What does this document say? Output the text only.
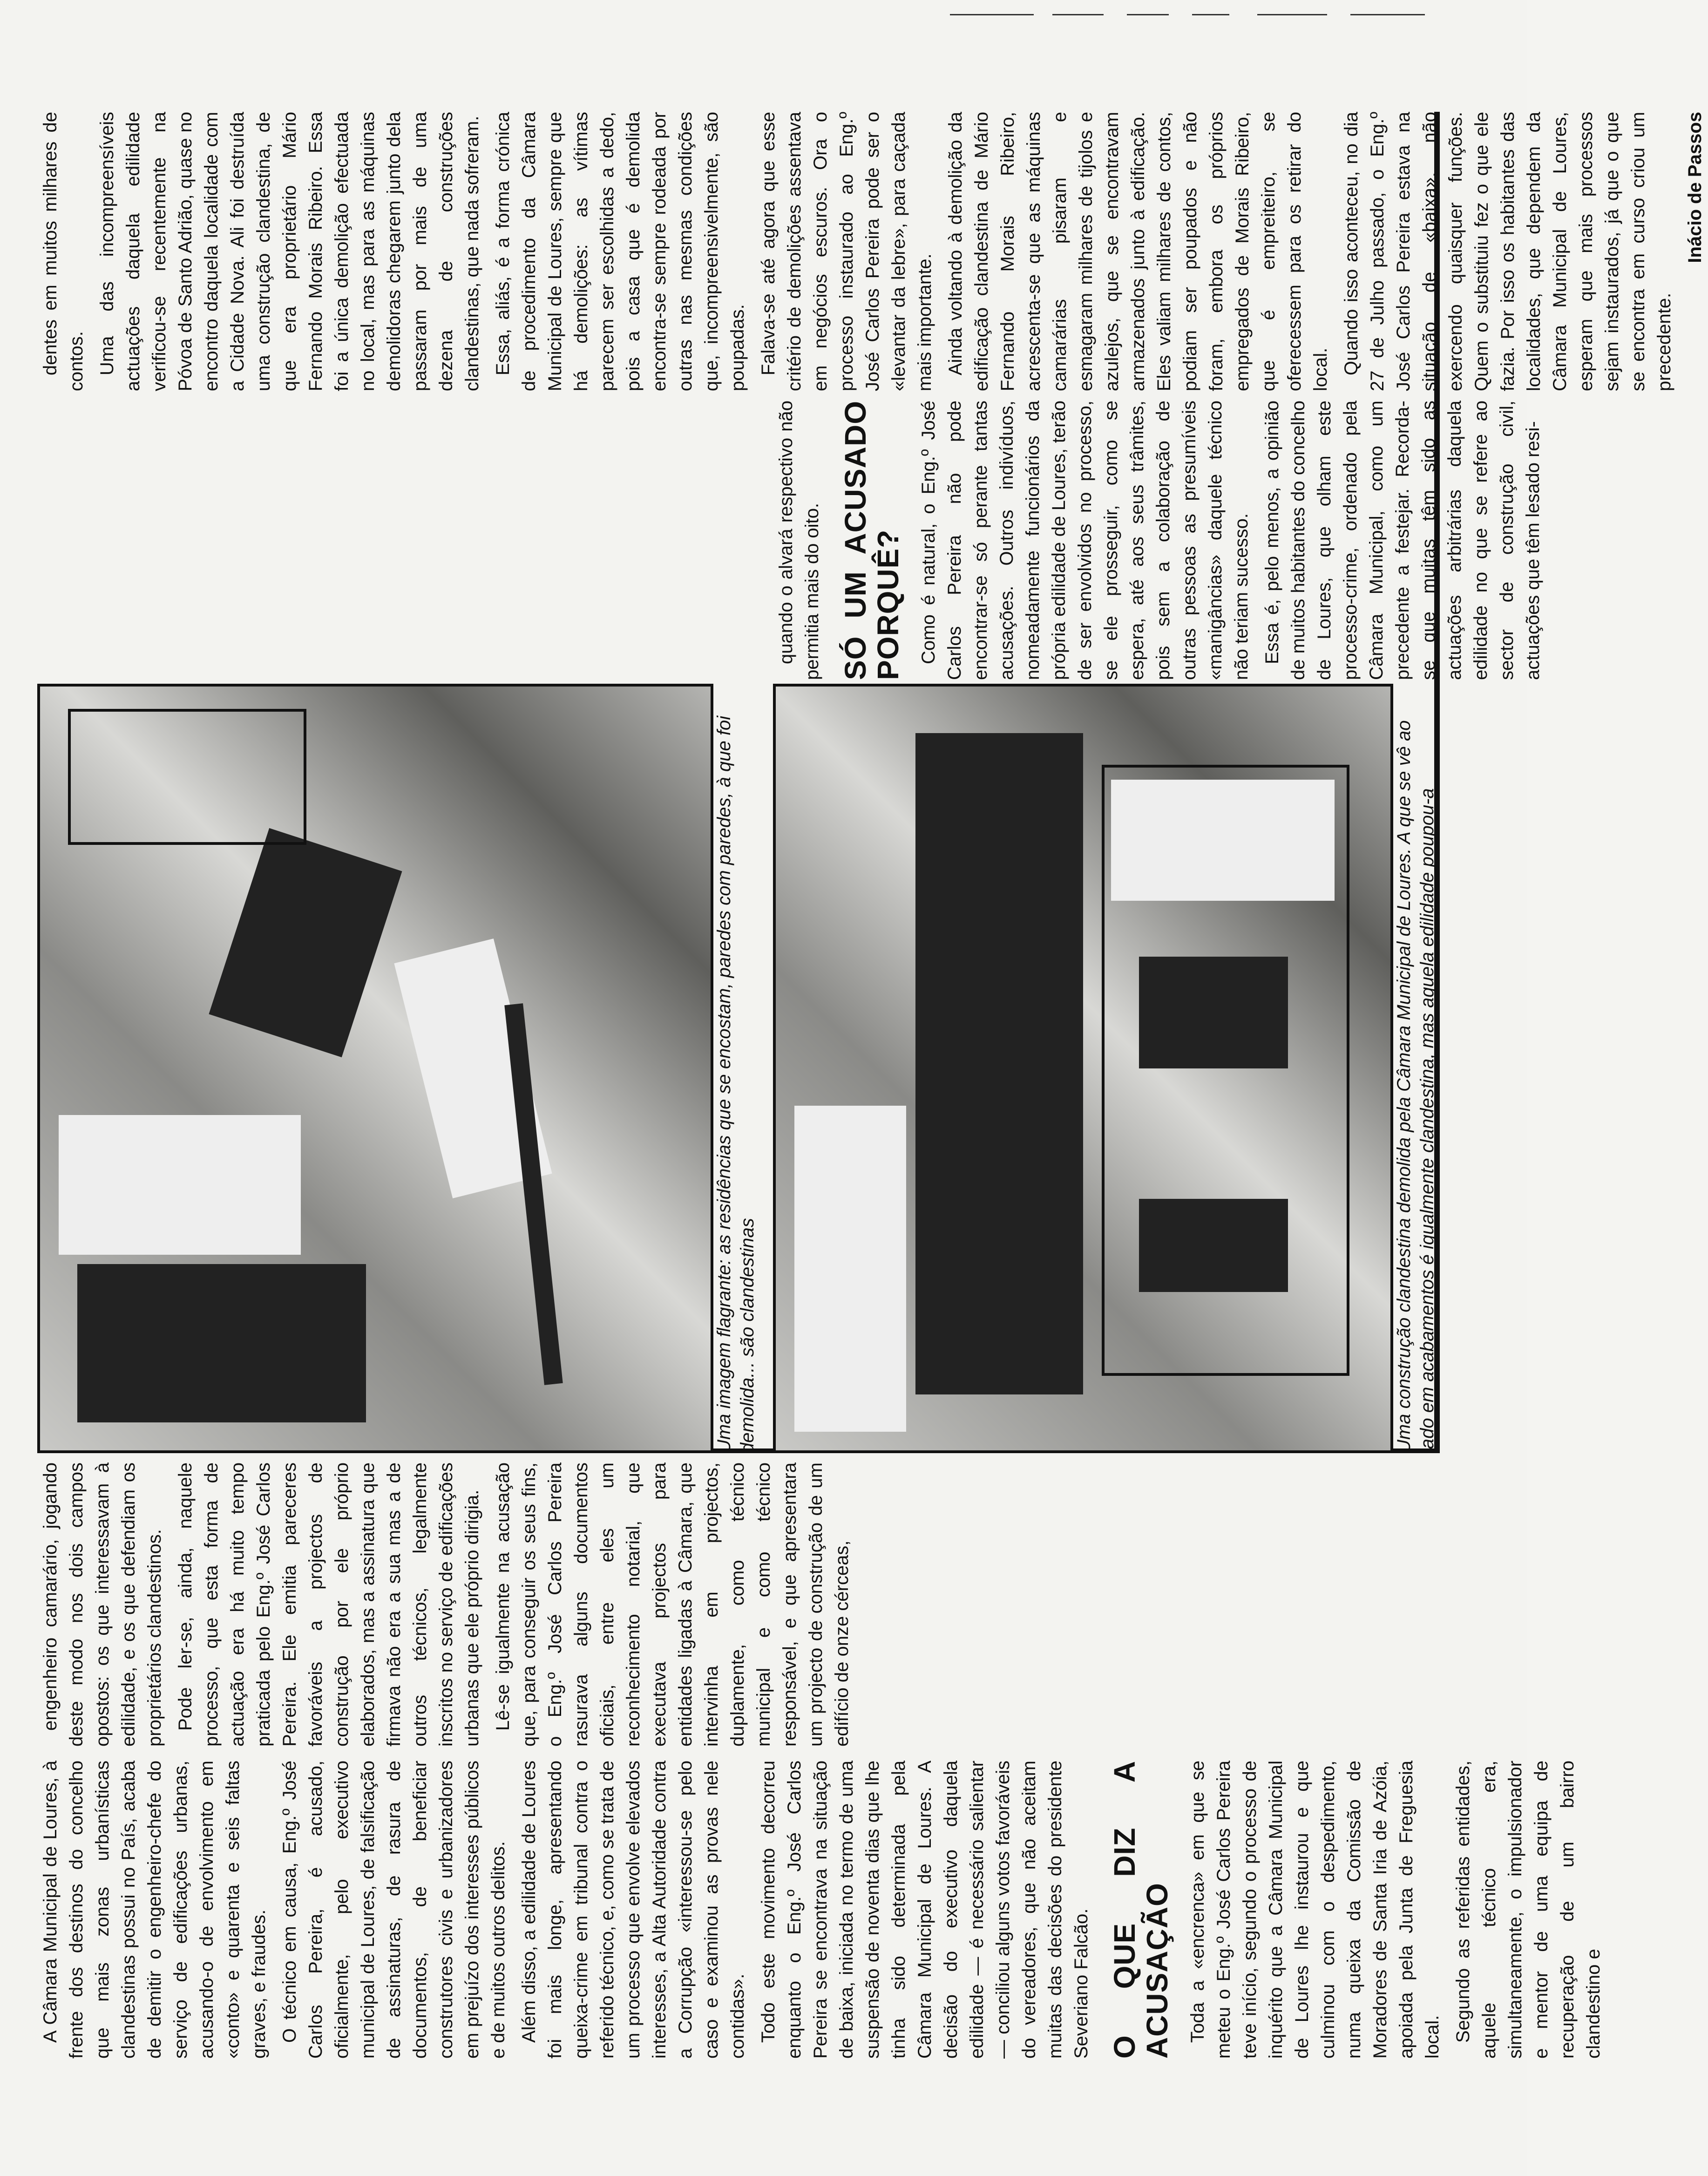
A Câmara Municipal de Loures, à frente dos destinos do concelho que mais zonas urbanísticas clandestinas possui no País, acaba de demitir o engenheiro-chefe do serviço de edificações urbanas, acusando-o de envolvimento em «conto» e quarenta e seis faltas graves, e fraudes. O técnico em causa, Eng.º José Carlos Pereira, é acusado, oficialmente, pelo executivo municipal de Loures, de falsificação de assinaturas, de rasura de documentos, de beneficiar construtores civis e urbanizadores em prejuízo dos interesses públicos e de muitos outros delitos. Além disso, a edilidade de Loures foi mais longe, apresentando queixa-crime em tribunal contra o referido técnico, e, como se trata de um processo que envolve elevados interesses, a Alta Autoridade contra a Corrupção «interessou-se pelo caso e examinou as provas nele contidas». Todo este movimento decorreu enquanto o Eng.º José Carlos Pereira se encontrava na situação de baixa, iniciada no termo de uma suspensão de noventa dias que lhe tinha sido determinada pela Câmara Municipal de Loures. A decisão do executivo daquela edilidade — é necessário salientar — conciliou alguns votos favoráveis do vereadores, que não aceitam muitas das decisões do presidente Severiano Falcão. O QUE DIZ A ACUSAÇÃO Toda a «encrenca» em que se meteu o Eng.º José Carlos Pereira teve início, segundo o processo de inquérito que a Câmara Municipal de Loures lhe instaurou e que culminou com o despedimento, numa queixa da Comissão de Moradores de Santa Iria de Azóia, apoiada pela Junta de Freguesia local. Segundo as referidas entidades, aquele técnico era, simultaneamente, o impulsionador e mentor de uma equipa de recuperação de um bairro clandestino e

engenheiro camarário, jogando deste modo nos dois campos opostos: os que interessavam à edilidade, e os que defendiam os proprietários clandestinos. Pode ler-se, ainda, naquele processo, que esta forma de actuação era há muito tempo praticada pelo Eng.º José Carlos Pereira. Ele emitia pareceres favoráveis a projectos de construção por ele próprio elaborados, mas a assinatura que firmava não era a sua mas a de outros técnicos, legalmente inscritos no serviço de edificações urbanas que ele próprio dirigia. Lê-se igualmente na acusação que, para conseguir os seus fins, o Eng.º José Carlos Pereira rasurava alguns documentos oficiais, entre eles um reconhecimento notarial, que executava projectos para entidades ligadas à Câmara, que intervinha em projectos, duplamente, como técnico municipal e como técnico responsável, e que apresentara um projecto de construção de um edifício de onze cérceas,

Uma imagem flagrante: as residências que se encostam, paredes com paredes, à que foi demolida... são clandestinas	Uma construção clandestina demolida pela Câmara Municipal de Loures. A que se vê ao lado em acabamentos é igualmente clandestina, mas aquela edilidade poupou-a

quando o alvará respectivo não permitia mais do oito. SÓ UM ACUSADO PORQUÊ? Como é natural, o Eng.º José Carlos Pereira não pode encontrar-se só perante tantas acusações. Outros indivíduos, nomeadamente funcionários da própria edilidade de Loures, terão de ser envolvidos no processo, se ele prosseguir, como se espera, até aos seus trâmites, pois sem a colaboração de outras pessoas as presumíveis «manigâncias» daquele técnico não teriam sucesso. Essa é, pelo menos, a opinião de muitos habitantes do concelho de Loures, que olham este processo-crime, ordenado pela Câmara Municipal, como um precedente a festejar. Recorda-se que muitas têm sido as actuações arbitrárias daquela edilidade no que se refere ao sector de construção civil, actuações que têm lesado resi-

dentes em muitos milhares de contos. Uma das incompreensíveis actuações daquela edilidade verificou-se recentemente na Póvoa de Santo Adrião, quase no encontro daquela localidade com a Cidade Nova. Ali foi destruída uma construção clandestina, de que era proprietário Mário Fernando Morais Ribeiro. Essa foi a única demolição efectuada no local, mas para as máquinas demolidoras chegarem junto dela passaram por mais de uma dezena de construções clandestinas, que nada sofreram. Essa, aliás, é a forma crónica de procedimento da Câmara Municipal de Loures, sempre que há demolições: as vítimas parecem ser escolhidas a dedo, pois a casa que é demolida encontra-se sempre rodeada por outras nas mesmas condições que, incompreensivelmente, são poupadas. Falava-se até agora que esse critério de demolições assentava em negócios escuros. Ora o processo instaurado ao Eng.º José Carlos Pereira pode ser o «levantar da lebre», para caçada mais importante. Ainda voltando à demolição da edificação clandestina de Mário Fernando Morais Ribeiro, acrescenta-se que as máquinas camarárias pisaram e esmagaram milhares de tijolos e azulejos, que se encontravam armazenados junto à edificação. Eles valiam milhares de contos, podiam ser poupados e não foram, embora os próprios empregados de Morais Ribeiro, que é empreiteiro, se oferecessem para os retirar do local. Quando isso aconteceu, no dia 27 de Julho passado, o Eng.º José Carlos Pereira estava na situação de «baixa», não exercendo quaisquer funções. Quem o substituiu fez o que ele fazia. Por isso os habitantes das localidades, que dependem da Câmara Municipal de Loures, esperam que mais processos sejam instaurados, já que o que se encontra em curso criou um precedente.

Inácio de Passos
